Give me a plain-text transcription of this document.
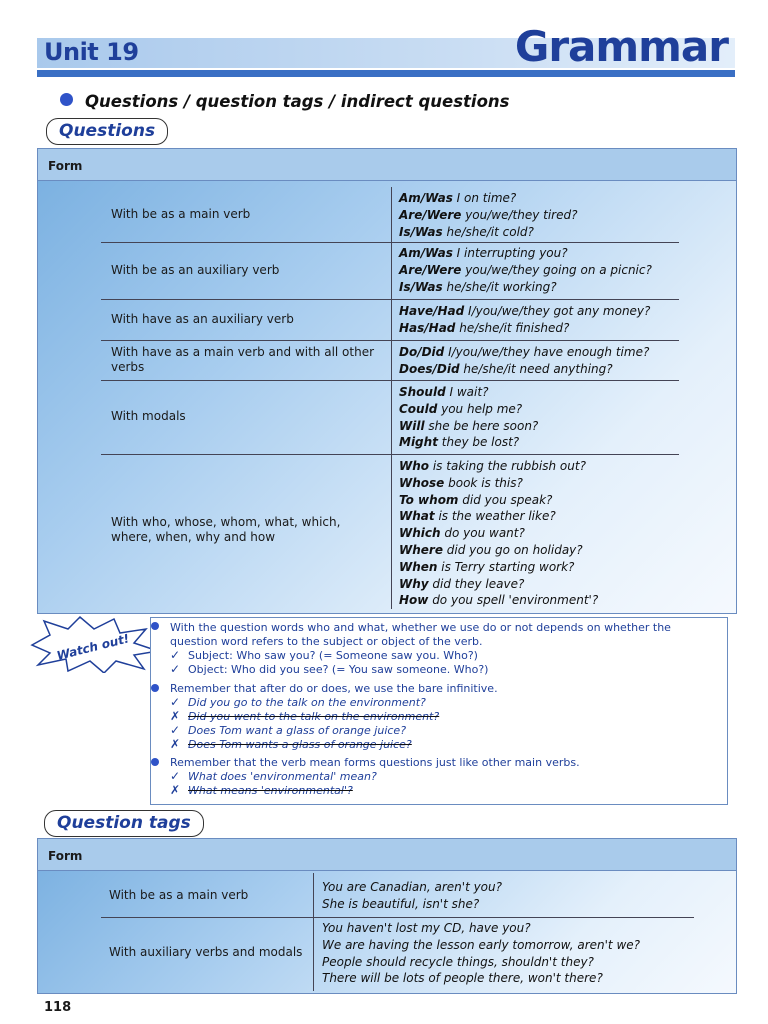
Unit 19	Grammar
Questions / question tags / indirect questions
Questions
Form
With be as a main verb
Am/Was I on time?
Are/Were you/we/they tired?
Is/Was he/she/it cold?
With be as an auxiliary verb
Am/Was I interrupting you?
Are/Were you/we/they going on a picnic?
Is/Was he/she/it working?
With have as an auxiliary verb
Have/Had I/you/we/they got any money?
Has/Had he/she/it finished?
With have as a main verb and with all other verbs
Do/Did I/you/we/they have enough time?
Does/Did he/she/it need anything?
With modals
Should I wait?
Could you help me?
Will she be here soon?
Might they be lost?
With who, whose, whom, what, which, where, when, why and how
Who is taking the rubbish out?
Whose book is this?
To whom did you speak?
What is the weather like?
Which do you want?
Where did you go on holiday?
When is Terry starting work?
Why did they leave?
How do you spell 'environment'?
Watch out!
With the question words who and what, whether we use do or not depends on whether the
question word refers to the subject or object of the verb.
✓ Subject: Who saw you? (= Someone saw you. Who?)
✓ Object: Who did you see? (= You saw someone. Who?)
Remember that after do or does, we use the bare infinitive.
✓ Did you go to the talk on the environment?
✗ Did you went to the talk on the environment?
✓ Does Tom want a glass of orange juice?
✗ Does Tom wants a glass of orange juice?
Remember that the verb mean forms questions just like other main verbs.
✓ What does 'environmental' mean?
✗ What means 'environmental'?
Question tags
Form
With be as a main verb
You are Canadian, aren't you?
She is beautiful, isn't she?
With auxiliary verbs and modals
You haven't lost my CD, have you?
We are having the lesson early tomorrow, aren't we?
People should recycle things, shouldn't they?
There will be lots of people there, won't there?
118
